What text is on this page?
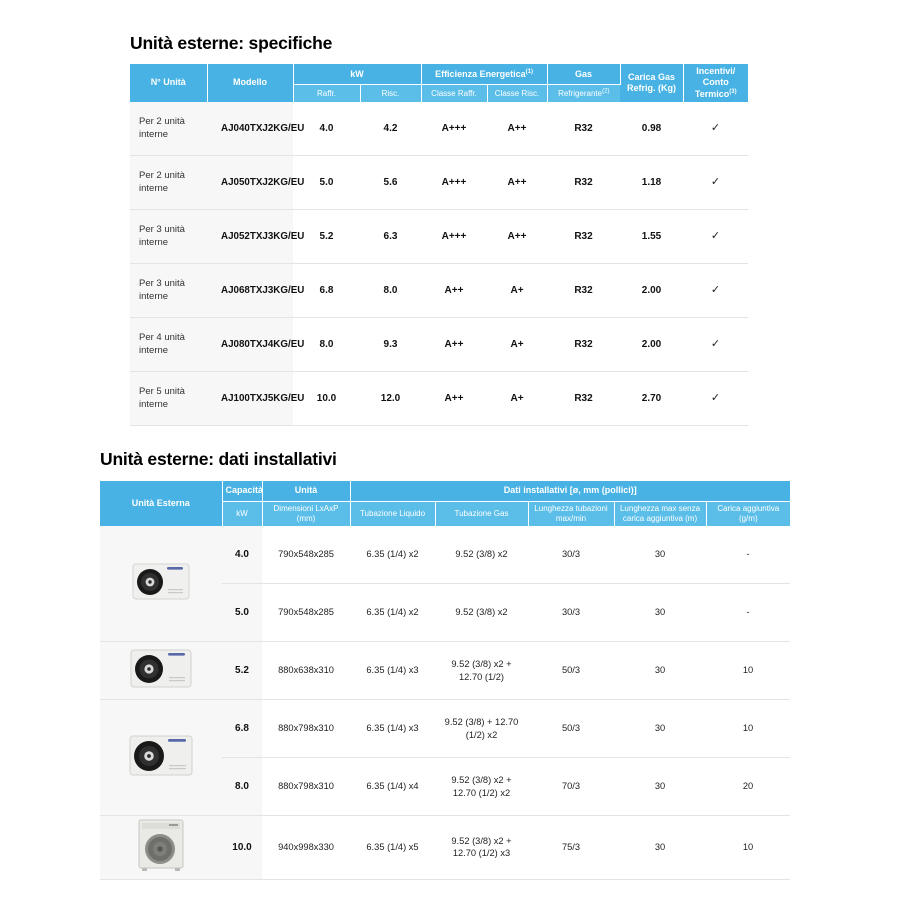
Unità esterne: specifiche
N° Unità	Modello	kW		Efficienza Energetica$^{(1)}$		Gas	Carica Gas Refrig. (Kg)	Incentivi/
Conto Termico$^{(3)}$
		Raffr.	Risc.	Classe Raffr.	Classe Risc.	Refrigerante$^{(2)}$
Per 2 unità interne	AJ040TXJ2KG/EU	4.0	4.2	A+++	A++	R32	0.98	✓
Per 2 unità interne	AJ050TXJ2KG/EU	5.0	5.6	A+++	A++	R32	1.18	✓
Per 3 unità interne	AJ052TXJ3KG/EU	5.2	6.3	A+++	A++	R32	1.55	✓
Per 3 unità interne	AJ068TXJ3KG/EU	6.8	8.0	A++	A+	R32	2.00	✓
Per 4 unità interne	AJ080TXJ4KG/EU	8.0	9.3	A++	A+	R32	2.00	✓
Per 5 unità interne	AJ100TXJ5KG/EU	10.0	12.0	A++	A+	R32	2.70	✓
Unità esterne: dati installativi
Unità Esterna	Capacità	Unità	Dati installativi [ø, mm (pollici)]				
	kW	Dimensioni LxAxP (mm)	Tubazione Liquido	Tubazione Gas	Lunghezza tubazioni max/min	Lunghezza max senza carica aggiuntiva (m)	Carica aggiuntiva (g/m)
	4.0	790x548x285	6.35 (1/4) x2	9.52 (3/8) x2	30/3	30	-
	5.0	790x548x285	6.35 (1/4) x2	9.52 (3/8) x2	30/3	30	-
	5.2	880x638x310	6.35 (1/4) x3	9.52 (3/8) x2 + 12.70 (1/2)	50/3	30	10
	6.8	880x798x310	6.35 (1/4) x3	9.52 (3/8) + 12.70 (1/2) x2	50/3	30	10
	8.0	880x798x310	6.35 (1/4) x4	9.52 (3/8) x2 + 12.70 (1/2) x2	70/3	30	20
	10.0	940x998x330	6.35 (1/4) x5	9.52 (3/8) x2 + 12.70 (1/2) x3	75/3	30	10
